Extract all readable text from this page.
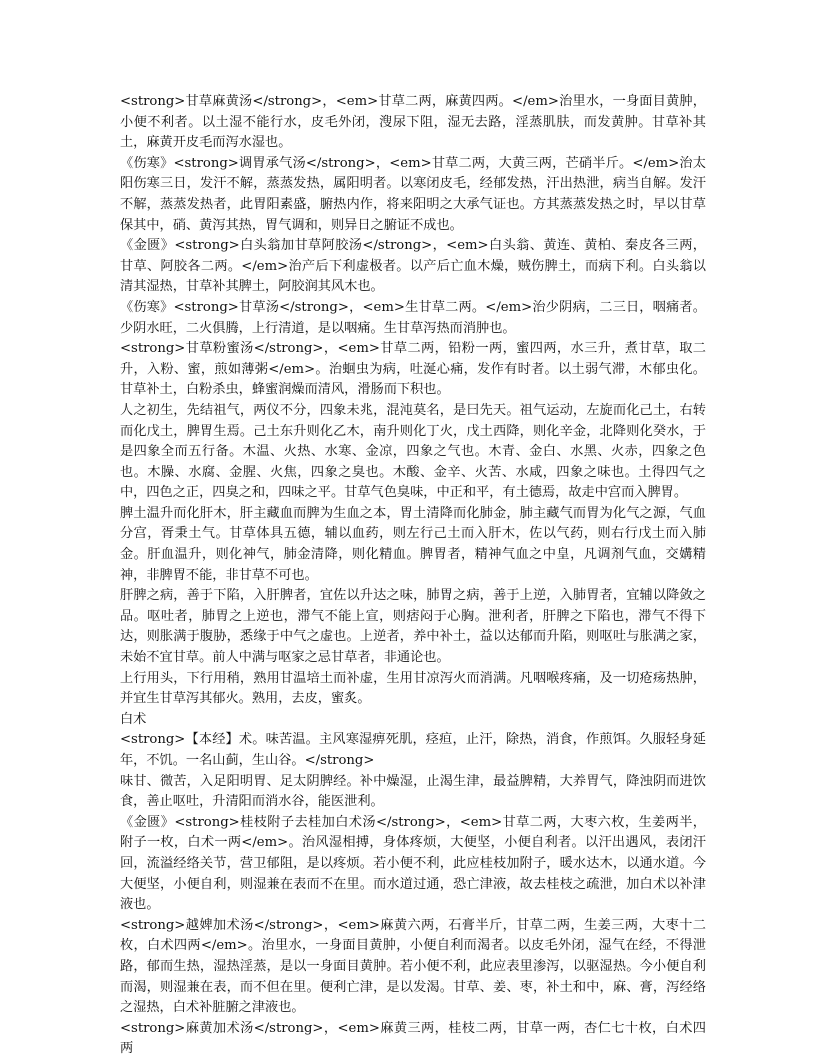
<strong>甘草麻黄汤</strong>，<em>甘草二两，麻黄四两。</em>治里水，一身面目黄肿，小便不利者。以土湿不能行水，皮毛外闭，溲尿下阻，湿无去路，淫蒸肌肤，而发黄肿。甘草补其土，麻黄开皮毛而泻水湿也。

《伤寒》<strong>调胃承气汤</strong>，<em>甘草二两，大黄三两，芒硝半斤。</em>治太阳伤寒三日，发汗不解，蒸蒸发热，属阳明者。以寒闭皮毛，经郁发热，汗出热泄，病当自解。发汗不解，蒸蒸发热者，此胃阳素盛，腑热内作，将来阳明之大承气证也。方其蒸蒸发热之时，早以甘草保其中，硝、黄泻其热，胃气调和，则异日之腑证不成也。

《金匮》<strong>白头翁加甘草阿胶汤</strong>，<em>白头翁、黄连、黄柏、秦皮各三两，甘草、阿胶各二两。</em>治产后下利虚极者。以产后亡血木燥，贼伤脾土，而病下利。白头翁以清其湿热，甘草补其脾土，阿胶润其风木也。

《伤寒》<strong>甘草汤</strong>，<em>生甘草二两。</em>治少阴病，二三日，咽痛者。少阴水旺，二火俱腾，上行清道，是以咽痛。生甘草泻热而消肿也。

<strong>甘草粉蜜汤</strong>，<em>甘草二两，铅粉一两，蜜四两，水三升，煮甘草，取二升，入粉、蜜，煎如薄粥</em>。治蛔虫为病，吐涎心痛，发作有时者。以土弱气滞，木郁虫化。甘草补土，白粉杀虫，蜂蜜润燥而清风，滑肠而下积也。

人之初生，先结祖气，两仪不分，四象未兆，混沌莫名，是曰先天。祖气运动，左旋而化己土，右转而化戊土，脾胃生焉。己土东升则化乙木，南升则化丁火，戊土西降，则化辛金，北降则化癸水，于是四象全而五行备。木温、火热、水寒、金凉，四象之气也。木青、金白、水黑、火赤，四象之色也。木臊、水腐、金腥、火焦，四象之臭也。木酸、金辛、火苦、水咸，四象之味也。土得四气之中，四色之正，四臭之和，四味之平。甘草气色臭味，中正和平，有土德焉，故走中宫而入脾胃。

脾土温升而化肝木，肝主藏血而脾为生血之本，胃土清降而化肺金，肺主藏气而胃为化气之源，气血分宫，胥秉土气。甘草体具五德，辅以血药，则左行己土而入肝木，佐以气药，则右行戊土而入肺金。肝血温升，则化神气，肺金清降，则化精血。脾胃者，精神气血之中皇，凡调剂气血，交媾精神，非脾胃不能，非甘草不可也。

肝脾之病，善于下陷，入肝脾者，宜佐以升达之味，肺胃之病，善于上逆，入肺胃者，宜辅以降敛之品。呕吐者，肺胃之上逆也，滞气不能上宣，则痞闷于心胸。泄利者，肝脾之下陷也，滞气不得下达，则胀满于腹胁，悉缘于中气之虚也。上逆者，养中补土，益以达郁而升陷，则呕吐与胀满之家，未始不宜甘草。前人中满与呕家之忌甘草者，非通论也。

上行用头，下行用稍，熟用甘温培土而补虚，生用甘凉泻火而消满。凡咽喉疼痛，及一切疮疡热肿，并宜生甘草泻其郁火。熟用，去皮，蜜炙。

白术

<strong>【本经】术。味苦温。主风寒湿痹死肌，痉疸，止汗，除热，消食，作煎饵。久服轻身延年，不饥。一名山蓟，生山谷。</strong>

味甘、微苦，入足阳明胃、足太阴脾经。补中燥湿，止渴生津，最益脾精，大养胃气，降浊阴而进饮食，善止呕吐，升清阳而消水谷，能医泄利。

《金匮》<strong>桂枝附子去桂加白术汤</strong>，<em>甘草二两，大枣六枚，生姜两半，附子一枚，白术一两</em>。治风湿相搏，身体疼烦，大便坚，小便自利者。以汗出遇风，表闭汗回，流溢经络关节，营卫郁阻，是以疼烦。若小便不利，此应桂枝加附子，暖水达木，以通水道。今大便坚，小便自利，则湿兼在表而不在里。而水道过通，恐亡津液，故去桂枝之疏泄，加白术以补津液也。

<strong>越婢加术汤</strong>，<em>麻黄六两，石膏半斤，甘草二两，生姜三两，大枣十二枚，白术四两</em>。治里水，一身面目黄肿，小便自利而渴者。以皮毛外闭，湿气在经，不得泄路，郁而生热，湿热淫蒸，是以一身面目黄肿。若小便不利，此应表里渗泻，以驱湿热。今小便自利而渴，则湿兼在表，而不但在里。便利亡津，是以发渴。甘草、姜、枣，补土和中，麻、膏，泻经络之湿热，白术补脏腑之津液也。

<strong>麻黄加术汤</strong>，<em>麻黄三两，桂枝二两，甘草一两，杏仁七十枚，白术四两
